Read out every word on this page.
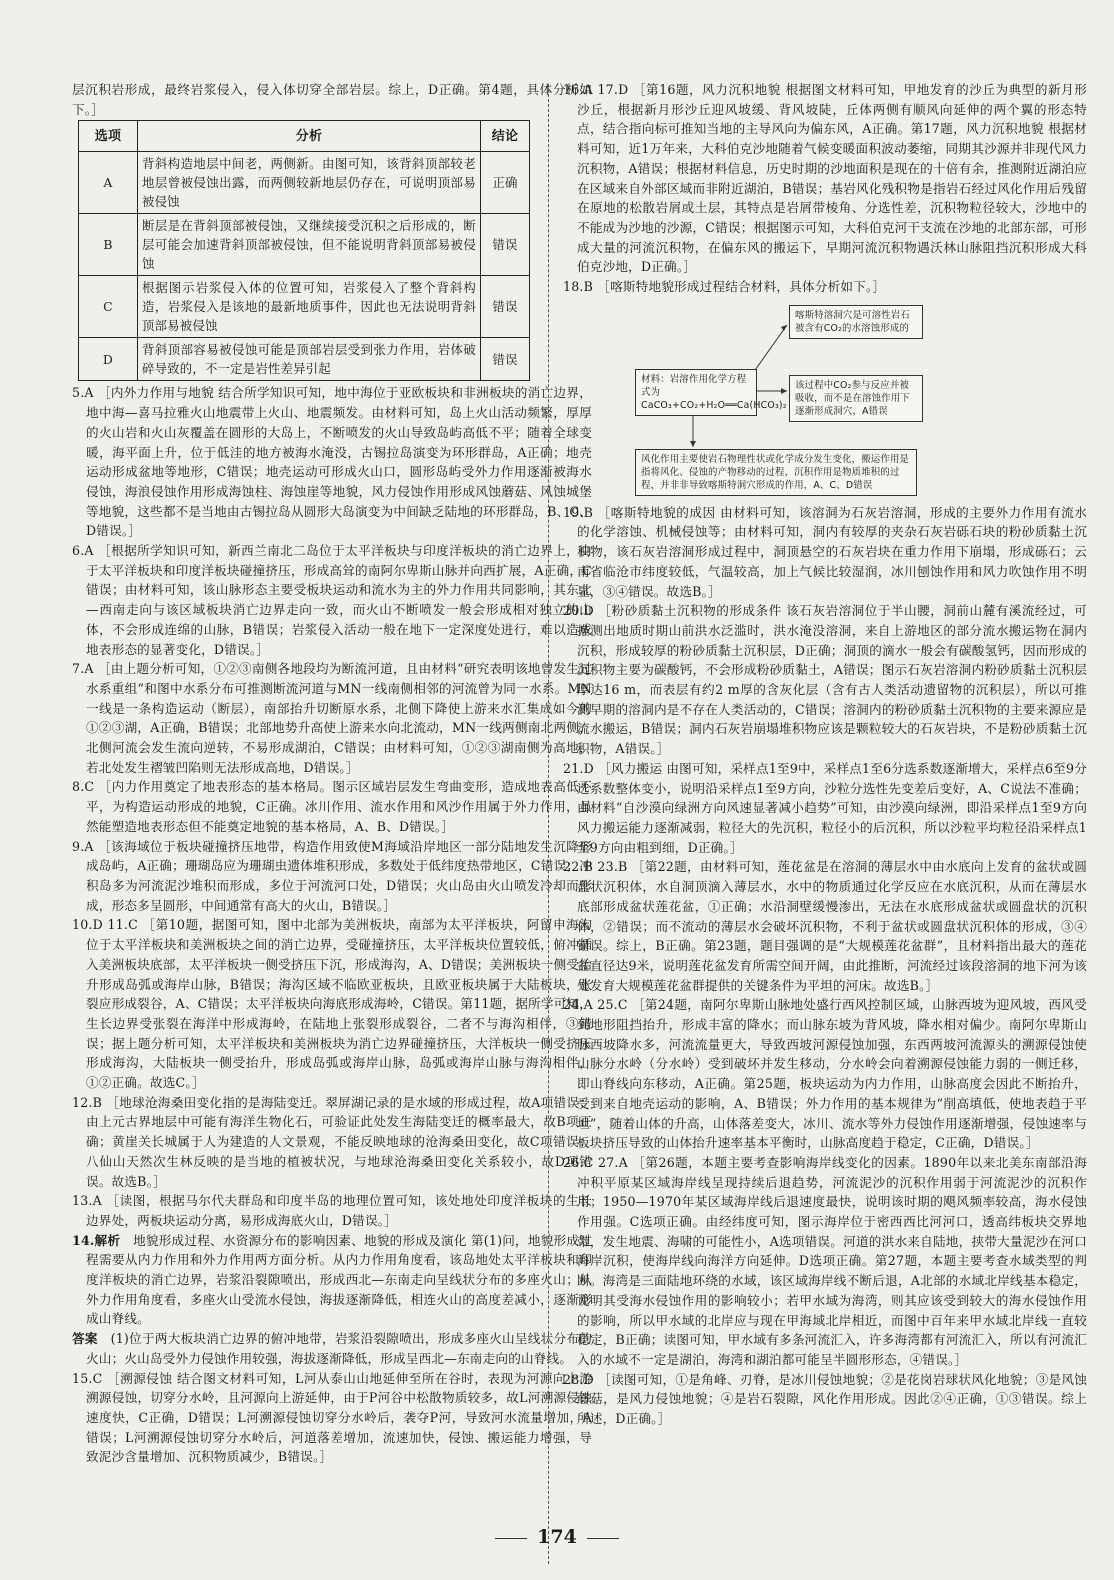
层沉积岩形成，最终岩浆侵入，侵入体切穿全部岩层。综上，D正确。第4题，具体分析如下。］

选项	分析	结论
A	背斜构造地层中间老，两侧新。由图可知，该背斜顶部较老地层曾被侵蚀出露，而两侧较新地层仍存在，可说明顶部易被侵蚀	正确
B	断层是在背斜顶部被侵蚀，又继续接受沉积之后形成的，断层可能会加速背斜顶部被侵蚀，但不能说明背斜顶部易被侵蚀	错误
C	根据图示岩浆侵入体的位置可知，岩浆侵入了整个背斜构造，岩浆侵入是该地的最新地质事件，因此也无法说明背斜顶部易被侵蚀	错误
D	背斜顶部容易被侵蚀可能是顶部岩层受到张力作用，岩体破碎导致的，不一定是岩性差异引起	错误

5.A ［内外力作用与地貌 结合所学知识可知，地中海位于亚欧板块和非洲板块的消亡边界，地中海—喜马拉雅火山地震带上火山、地震频发。由材料可知，岛上火山活动频繁，厚厚的火山岩和火山灰覆盖在圆形的大岛上，不断喷发的火山导致岛屿高低不平；随着全球变暖，海平面上升，位于低洼的地方被海水淹没，古锡拉岛演变为环形群岛，A正确；地壳运动形成盆地等地形，C错误；地壳运动可形成火山口，圆形岛屿受外力作用逐渐被海水侵蚀，海浪侵蚀作用形成海蚀柱、海蚀崖等地貌，风力侵蚀作用形成风蚀蘑菇、风蚀城堡等地貌，这些都不是当地由古锡拉岛从圆形大岛演变为中间缺乏陆地的环形群岛，B、C、D错误。］

6.A ［根据所学知识可知，新西兰南北二岛位于太平洋板块与印度洋板块的消亡边界上，由于太平洋板块和印度洋板块碰撞挤压，形成高耸的南阿尔卑斯山脉并向西扩展，A正确，C错误；由材料可知，该山脉形态主要受板块运动和流水为主的外力作用共同影响，其东北—西南走向与该区域板块消亡边界走向一致，而火山不断喷发一般会形成相对独立的山体，不会形成连绵的山脉，B错误；岩浆侵入活动一般在地下一定深度处进行，难以造成地表形态的显著变化，D错误。］

7.A ［由上题分析可知，①②③南侧各地段均为断流河道，且由材料“研究表明该地曾发生过水系重组”和图中水系分布可推测断流河道与MN一线南侧相邻的河流曾为同一水系。MN一线是一条构造运动（断层），南部抬升切断原水系，北侧下降使上游来水汇集成如今的①②③湖，A正确，B错误；北部地势升高使上游来水向北流动，MN一线两侧南北两侧，北侧河流会发生流向逆转，不易形成湖泊，C错误；由材料可知，①②③湖南侧为高地，若北处发生褶皱凹陷则无法形成高地，D错误。］

8.C ［内力作用奠定了地表形态的基本格局。图示区域岩层发生弯曲变形，造成地表高低不平，为构造运动形成的地貌，C正确。冰川作用、流水作用和风沙作用属于外力作用，虽然能塑造地表形态但不能奠定地貌的基本格局，A、B、D错误。］

9.A ［该海域位于板块碰撞挤压地带，构造作用致使M海域沿岸地区一部分陆地发生沉降形成岛屿，A正确；珊瑚岛应为珊瑚虫遗体堆积形成，多数处于低纬度热带地区，C错误；冲积岛多为河流泥沙堆积而形成，多位于河流河口处，D错误；火山岛由火山喷发冷却而形成，形态多呈圆形，中间通常有高大的火山，B错误。］

10.D 11.C ［第10题，据图可知，图中北部为美洲板块，南部为太平洋板块，阿留申海沟位于太平洋板块和美洲板块之间的消亡边界，受碰撞挤压，太平洋板块位置较低，俯冲插入美洲板块底部，太平洋板块一侧受挤压下沉，形成海沟，A、D错误；美洲板块一侧受抬升形成岛弧或海岸山脉，B错误；海沟区域不临欧亚板块，且欧亚板块属于大陆板块，张裂应形成裂谷，A、C错误；太平洋板块向海底形成海岭，C错误。第11题，据所学可知，生长边界受张裂在海洋中形成海岭，在陆地上张裂形成裂谷，二者不与海沟相伴，③错误；据上题分析可知，太平洋板块和美洲板块为消亡边界碰撞挤压，大洋板块一侧受挤压形成海沟，大陆板块一侧受抬升，形成岛弧或海岸山脉，岛弧或海岸山脉与海沟相伴，①②正确。故选C。］

12.B ［地球沧海桑田变化指的是海陆变迁。翠屏湖记录的是水域的形成过程，故A项错误；由上元古界地层中可能有海洋生物化石，可验证此处发生海陆变迁的概率最大，故B项正确；黄崖关长城属于人为建造的人文景观，不能反映地球的沧海桑田变化，故C项错误；八仙山天然次生林反映的是当地的植被状况，与地球沧海桑田变化关系较小，故D项错误。故选B。］

13.A ［读图，根据马尔代夫群岛和印度半岛的地理位置可知，该处地处印度洋板块的生长边界处，两板块运动分离，易形成海底火山，D错误。］

14.解析　 地貌形成过程、水资源分布的影响因素、地貌的形成及演化 第(1)问，地貌形成过程需要从内力作用和外力作用两方面分析。从内力作用角度看，该岛地处太平洋板块和印度洋板块的消亡边界，岩浆沿裂隙喷出，形成西北—东南走向呈线状分布的多座火山；从外力作用角度看，多座火山受流水侵蚀，海拔逐渐降低，相连火山的高度差减小，逐渐形成山脊线。

答案　 (1)位于两大板块消亡边界的俯冲地带，岩浆沿裂隙喷出，形成多座火山呈线状分布的火山；火山岛受外力侵蚀作用较强，海拔逐渐降低，形成呈西北—东南走向的山脊线。

15.C ［溯源侵蚀 结合图文材料可知，L河从泰山山地延伸至所在谷时，表现为河源向上游溯源侵蚀，切穿分水岭，且河源向上游延伸，由于P河谷中松散物质较多，故L河溯源侵蚀速度快，C正确，D错误；L河溯源侵蚀切穿分水岭后，袭夺P河，导致河水流量增加，A错误；L河溯源侵蚀切穿分水岭后，河道落差增加，流速加快，侵蚀、搬运能力增强，导致泥沙含量增加、沉积物质减少，B错误。］

16.A 17.D ［第16题，风力沉积地貌 根据图文材料可知，甲地发育的沙丘为典型的新月形沙丘，根据新月形沙丘迎风坡缓、背风坡陡，丘体两侧有顺风向延伸的两个翼的形态特点，结合指向标可推知当地的主导风向为偏东风，A正确。第17题，风力沉积地貌 根据材料可知，近1万年来，大科伯克沙地随着气候变暖面积波动萎缩，同期其沙源并非现代风力沉积物，A错误；根据材料信息，历史时期的沙地面积是现在的十倍有余，推测附近湖泊应在区域来自外部区域而非附近湖泊，B错误；基岩风化残积物是指岩石经过风化作用后残留在原地的松散岩屑或土层，其特点是岩屑带棱角、分选性差，沉积物粒径较大，沙地中的不能成为沙地的沙源，C错误；根据图示可知，大科伯克河干支流在沙地的北部东部，可形成大量的河流沉积物，在偏东风的搬运下，早期河流沉积物遇沃林山脉阻挡沉积形成大科伯克沙地，D正确。］

18.B ［喀斯特地貌形成过程结合材料，具体分析如下。］

材料：岩溶作用化学方程式为CaCO₃+CO₂+H₂O══Ca(HCO₃)₂
喀斯特溶洞穴是可溶性岩石被含有CO₂的水溶蚀形成的
该过程中CO₂参与反应并被吸收，而不是在溶蚀作用下逐渐形成洞穴，A错误
风化作用主要使岩石物理性状或化学成分发生变化，搬运作用是指将风化、侵蚀的产物移动的过程，沉积作用是物质堆积的过程，并非非导致喀斯特洞穴形成的作用，A、C、D错误

19.B ［喀斯特地貌的成因 由材料可知，该溶洞为石灰岩溶洞，形成的主要外力作用有流水的化学溶蚀、机械侵蚀等；由材料可知，洞内有较厚的夹杂石灰岩砾石块的粉砂质黏土沉积物，该石灰岩溶洞形成过程中，洞顶悬空的石灰岩块在重力作用下崩塌，形成砾石；云南省临沧市纬度较低，气温较高，加上气候比较湿润，冰川刨蚀作用和风力吹蚀作用不明显，③④错误。故选B。］

20.D ［粉砂质黏土沉积物的形成条件 该石灰岩溶洞位于半山腰，洞前山麓有溪流经过，可推测出地质时期山前洪水泛滥时，洪水淹没溶洞，来自上游地区的部分流水搬运物在洞内沉积，形成较厚的粉砂质黏土沉积层，D正确；洞顶的滴水一般会有碳酸氢钙，因而形成的沉积物主要为碳酸钙，不会形成粉砂质黏土，A错误；图示石灰岩溶洞内粉砂质黏土沉积层厚达16 m，而表层有约2 m厚的含灰化层（含有古人类活动遗留物的沉积层），所以可推测早期的溶洞内是不存在人类活动的，C错误；溶洞内的粉砂质黏土沉积物的主要来源应是流水搬运，B错误；洞内石灰岩崩塌堆积物应该是颗粒较大的石灰岩块，不是粉砂质黏土沉积物，A错误。］

21.D ［风力搬运 由图可知，采样点1至9中，采样点1至6分选系数逐渐增大，采样点6至9分选系数整体变小，说明沿采样点1至9方向，沙粒分选性先变差后变好，A、C说法不准确；由材料“自沙漠向绿洲方向风速显著减小趋势”可知，由沙漠向绿洲，即沿采样点1至9方向风力搬运能力逐渐减弱，粒径大的先沉积，粒径小的后沉积，所以沙粒平均粒径沿采样点1至9方向由粗到细，D正确。］

22.B 23.B ［第22题，由材料可知，莲花盆是在溶洞的薄层水中由水底向上发育的盆状或圆盘状沉积体，水自洞顶滴入薄层水，水中的物质通过化学反应在水底沉积，从而在薄层水底部形成盆状莲花盆，①正确；水沿洞壁缓慢渗出，无法在水底形成盆状或圆盘状的沉积体，②错误；而不流动的薄层水会破坏沉积物，不利于盆状或圆盘状沉积体的形成，③④错误。综上，B正确。第23题，题目强调的是“大规模莲花盆群”，且材料指出最大的莲花盆直径达9米，说明莲花盆发育所需空间开阔，由此推断，河流经过该段溶洞的地下河为该处发育大规模莲花盆群提供的关键条件为平坦的河床。故选B。］

24.A 25.C ［第24题，南阿尔卑斯山脉地处盛行西风控制区域，山脉西坡为迎风坡，西风受到地形阻挡抬升，形成丰富的降水；而山脉东坡为背风坡，降水相对偏少。南阿尔卑斯山脉西坡降水多，河流流量更大，导致西坡河源侵蚀加强，东西两坡河流源头的溯源侵蚀使山脉分水岭（分水岭）受到破坏并发生移动，分水岭会向着溯源侵蚀能力弱的一侧迁移，即山脊线向东移动，A正确。第25题，板块运动为内力作用，山脉高度会因此不断抬升，受到来自地壳运动的影响，A、B错误；外力作用的基本规律为“削高填低，使地表趋于平坦”，随着山体的升高，山体落差变大，冰川、流水等外力侵蚀作用逐渐增强，侵蚀速率与板块挤压导致的山体抬升速率基本平衡时，山脉高度趋于稳定，C正确，D错误。］

26.C 27.A ［第26题，本题主要考查影响海岸线变化的因素。1890年以来北美东南部沿海冲积平原某区域海岸线呈现持续后退趋势，河流泥沙的沉积作用弱于河流泥沙的沉积作用；1950—1970年某区域海岸线后退速度最快，说明该时期的飓风频率较高，海水侵蚀作用强。C选项正确。由经纬度可知，图示海岸位于密西西比河河口，透高纬板块交界地带，发生地震、海啸的可能性小，A选项错误。河道的洪水来自陆地，挟带大量泥沙在河口海岸沉积，使海岸线向海洋方向延伸。D选项正确。第27题，本题主要考查水域类型的判断。海湾是三面陆地环绕的水域，该区域海岸线不断后退，A北部的水域北岸线基本稳定，说明其受海水侵蚀作用的影响较小；若甲水域为海湾，则其应该受到较大的海水侵蚀作用的影响，所以甲水域的北岸应与现在甲海域北岸相近，而图中百年来甲水域北岸线一直较稳定，B正确；读图可知，甲水域有多条河流汇入，许多海湾都有河流汇入，所以有河流汇入的水域不一定是湖泊，海湾和湖泊都可能呈半圆形形态，④错误。］

28.D ［读图可知，①是角峰、刃脊，是冰川侵蚀地貌；②是花岗岩球状风化地貌；③是风蚀蘑菇，是风力侵蚀地貌；④是岩石裂隙，风化作用形成。因此②④正确，①③错误。综上所述，D正确。］

174
